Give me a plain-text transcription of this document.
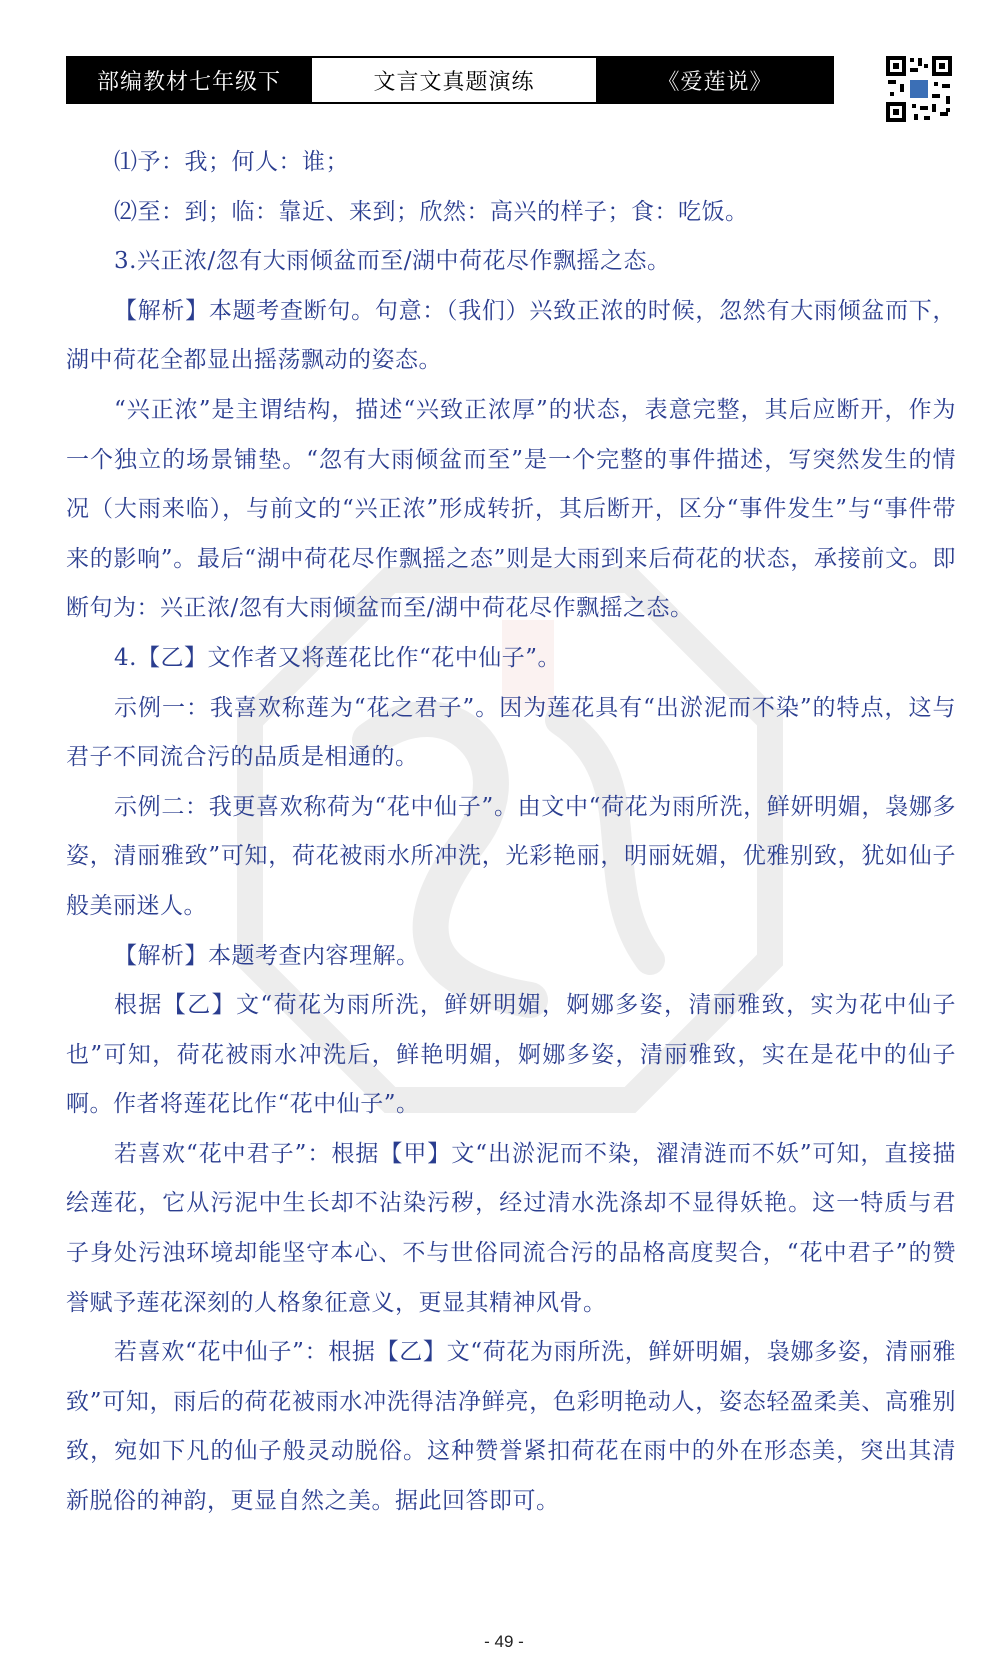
部编教材七年级下	文言文真题演练	《爱莲说》

⑴予：我；何人：谁；

⑵至：到；临：靠近、来到；欣然：高兴的样子；食：吃饭。

3.兴正浓/忽有大雨倾盆而至/湖中荷花尽作飘摇之态。

【解析】本题考查断句。句意：（我们）兴致正浓的时候，忽然有大雨倾盆而下，湖中荷花全都显出摇荡飘动的姿态。

“兴正浓”是主谓结构，描述“兴致正浓厚”的状态，表意完整，其后应断开，作为一个独立的场景铺垫。“忽有大雨倾盆而至”是一个完整的事件描述，写突然发生的情况（大雨来临），与前文的“兴正浓”形成转折，其后断开，区分“事件发生”与“事件带来的影响”。最后“湖中荷花尽作飘摇之态”则是大雨到来后荷花的状态，承接前文。即断句为：兴正浓/忽有大雨倾盆而至/湖中荷花尽作飘摇之态。

4.【乙】文作者又将莲花比作“花中仙子”。

示例一：我喜欢称莲为“花之君子”。因为莲花具有“出淤泥而不染”的特点，这与君子不同流合污的品质是相通的。

示例二：我更喜欢称荷为“花中仙子”。由文中“荷花为雨所洗，鲜妍明媚，袅娜多姿，清丽雅致”可知，荷花被雨水所冲洗，光彩艳丽，明丽妩媚，优雅别致，犹如仙子般美丽迷人。

【解析】本题考查内容理解。

根据【乙】文“荷花为雨所洗，鲜妍明媚，婀娜多姿，清丽雅致，实为花中仙子也”可知，荷花被雨水冲洗后，鲜艳明媚，婀娜多姿，清丽雅致，实在是花中的仙子啊。作者将莲花比作“花中仙子”。

若喜欢“花中君子”：根据【甲】文“出淤泥而不染，濯清涟而不妖”可知，直接描绘莲花，它从污泥中生长却不沾染污秽，经过清水洗涤却不显得妖艳。这一特质与君子身处污浊环境却能坚守本心、不与世俗同流合污的品格高度契合，“花中君子”的赞誉赋予莲花深刻的人格象征意义，更显其精神风骨。

若喜欢“花中仙子”：根据【乙】文“荷花为雨所洗，鲜妍明媚，袅娜多姿，清丽雅致”可知，雨后的荷花被雨水冲洗得洁净鲜亮，色彩明艳动人，姿态轻盈柔美、高雅别致，宛如下凡的仙子般灵动脱俗。这种赞誉紧扣荷花在雨中的外在形态美，突出其清新脱俗的神韵，更显自然之美。据此回答即可。

- 49 -
